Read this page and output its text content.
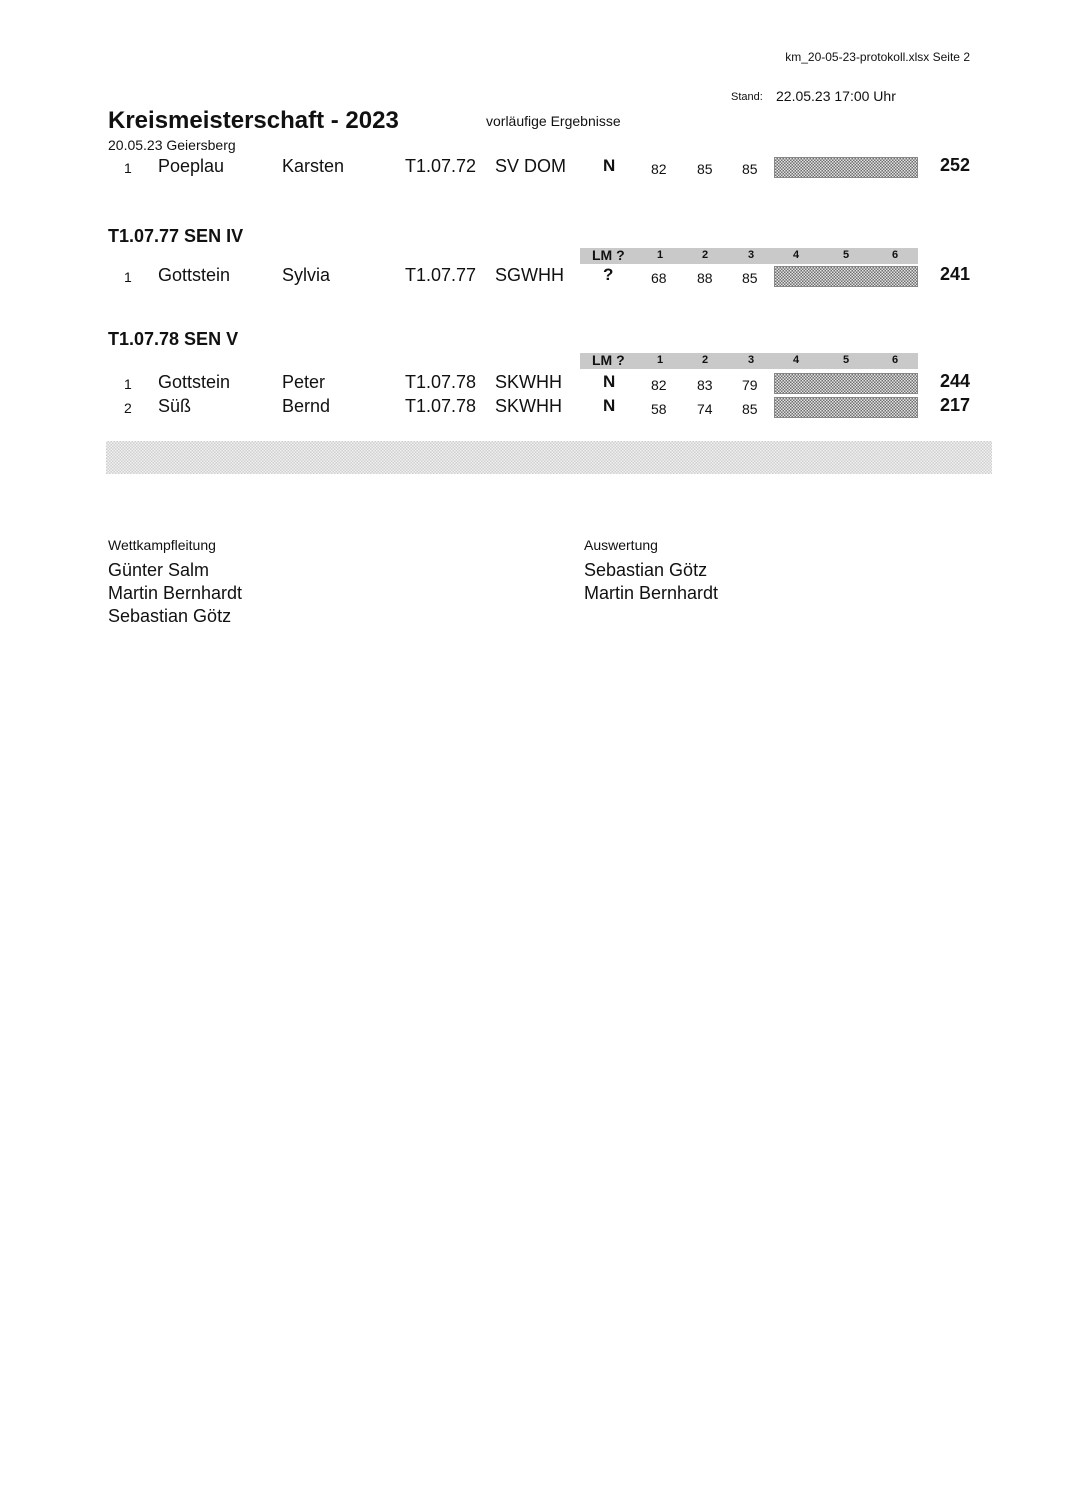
km_20-05-23-protokoll.xlsx Seite 2
Stand: 22.05.23 17:00 Uhr
Kreismeisterschaft - 2023	vorläufige Ergebnisse
20.05.23 Geiersberg
1 Poeplau	Karsten	T1.07.72 SV DOM N	82 85 85	252
T1.07.77 SEN IV
LM ?	1	2	3	4	5	6
1 Gottstein	Sylvia	T1.07.77 SGWHH ?	68 88 85	241
T1.07.78 SEN V
LM ?	1	2	3	4	5	6
1 Gottstein	Peter	T1.07.78 SKWHH N	82 83 79	244
2 Süß	Bernd	T1.07.78 SKWHH N	58 74 85	217
Wettkampfleitung
Günter Salm
Martin Bernhardt
Sebastian Götz
Auswertung
Sebastian Götz
Martin Bernhardt
